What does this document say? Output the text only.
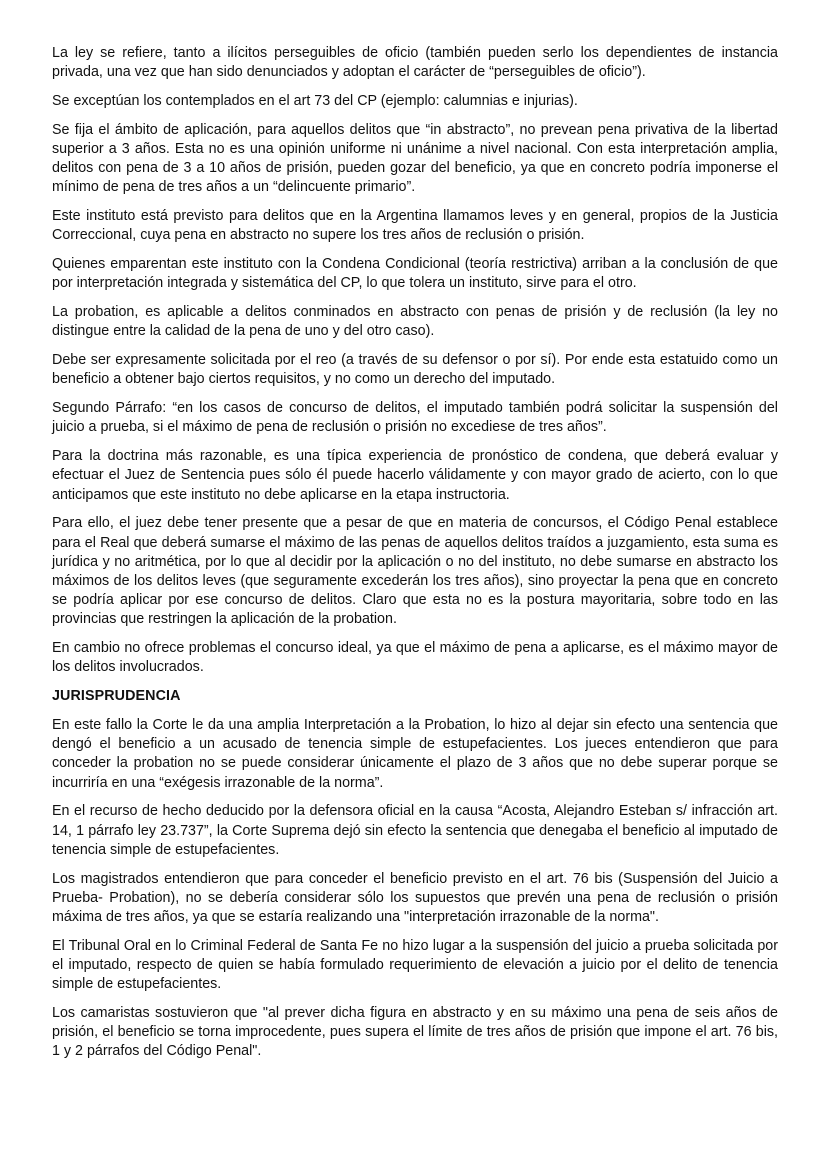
La ley se refiere, tanto a ilícitos perseguibles de oficio (también pueden serlo los dependientes de instancia privada, una vez que han sido denunciados y adoptan el carácter de “perseguibles de oficio”).

Se exceptúan los contemplados en el art 73 del CP (ejemplo: calumnias e injurias).

Se fija el ámbito de aplicación, para aquellos delitos que “in abstracto”, no prevean pena privativa de la libertad superior a 3 años. Esta no es una opinión uniforme ni unánime a nivel nacional. Con esta interpretación amplia, delitos con pena de 3 a 10 años de prisión, pueden gozar del beneficio, ya que en concreto podría imponerse el mínimo de pena de tres años a un “delincuente primario”.

Este instituto está previsto para delitos que en la Argentina llamamos leves y en general, propios de la Justicia Correccional, cuya pena en abstracto no supere los tres años de reclusión o prisión.

Quienes emparentan este instituto con la Condena Condicional (teoría restrictiva) arriban a la conclusión de que por interpretación integrada y sistemática del CP, lo que tolera un instituto, sirve para el otro.

La probation, es aplicable a delitos conminados en abstracto con penas de prisión y de reclusión (la ley no distingue entre la calidad de la pena de uno y del otro caso).

Debe ser expresamente solicitada por el reo (a través de su defensor o por sí). Por ende esta estatuido como un beneficio a obtener bajo ciertos requisitos, y no como un derecho del imputado.

Segundo Párrafo: “en los casos de concurso de delitos, el imputado también podrá solicitar la suspensión del juicio a prueba, si el máximo de pena de reclusión o prisión no excediese de tres años”.

Para la doctrina más razonable, es una típica experiencia de pronóstico de condena, que deberá evaluar y efectuar el Juez de Sentencia pues sólo él puede hacerlo válidamente y con mayor grado de acierto, con lo que anticipamos que este instituto no debe aplicarse en la etapa instructoria.

Para ello, el juez debe tener presente que a pesar de que en materia de concursos, el Código Penal establece para el Real que deberá sumarse el máximo de las penas de aquellos delitos traídos a juzgamiento, esta suma es jurídica y no aritmética, por lo que al decidir por la aplicación o no del instituto, no debe sumarse en abstracto los máximos de los delitos leves (que seguramente excederán los tres años), sino proyectar la pena que en concreto se podría aplicar por ese concurso de delitos. Claro que esta no es la postura mayoritaria, sobre todo en las provincias que restringen la aplicación de la probation.

En cambio no ofrece problemas el concurso ideal, ya que el máximo de pena a aplicarse, es el máximo mayor de los delitos involucrados.

JURISPRUDENCIA

En este fallo la Corte le da una amplia Interpretación a la Probation, lo hizo al dejar sin efecto una sentencia que dengó el beneficio a un acusado de tenencia simple de estupefacientes. Los jueces entendieron que para conceder la probation no se puede considerar únicamente el plazo de 3 años que no debe superar porque se incurriría en una “exégesis irrazonable de la norma”.

En el recurso de hecho deducido por la defensora oficial en la causa “Acosta, Alejandro Esteban s/ infracción art. 14, 1 párrafo ley 23.737”, la Corte Suprema dejó sin efecto la sentencia que denegaba el beneficio al imputado de tenencia simple de estupefacientes.

Los magistrados entendieron que para conceder el beneficio previsto en el art. 76 bis (Suspensión del Juicio a Prueba- Probation), no se debería considerar sólo los supuestos que prevén una pena de reclusión o prisión máxima de tres años, ya que se estaría realizando una "interpretación irrazonable de la norma".

El Tribunal Oral en lo Criminal Federal de Santa Fe no hizo lugar a la suspensión del juicio a prueba solicitada por el imputado, respecto de quien se había formulado requerimiento de elevación a juicio por el delito de tenencia simple de estupefacientes.

Los camaristas sostuvieron que "al prever dicha figura en abstracto y en su máximo una pena de seis años de prisión, el beneficio se torna improcedente, pues supera el límite de tres años de prisión que impone el art. 76 bis, 1 y 2 párrafos del Código Penal".
